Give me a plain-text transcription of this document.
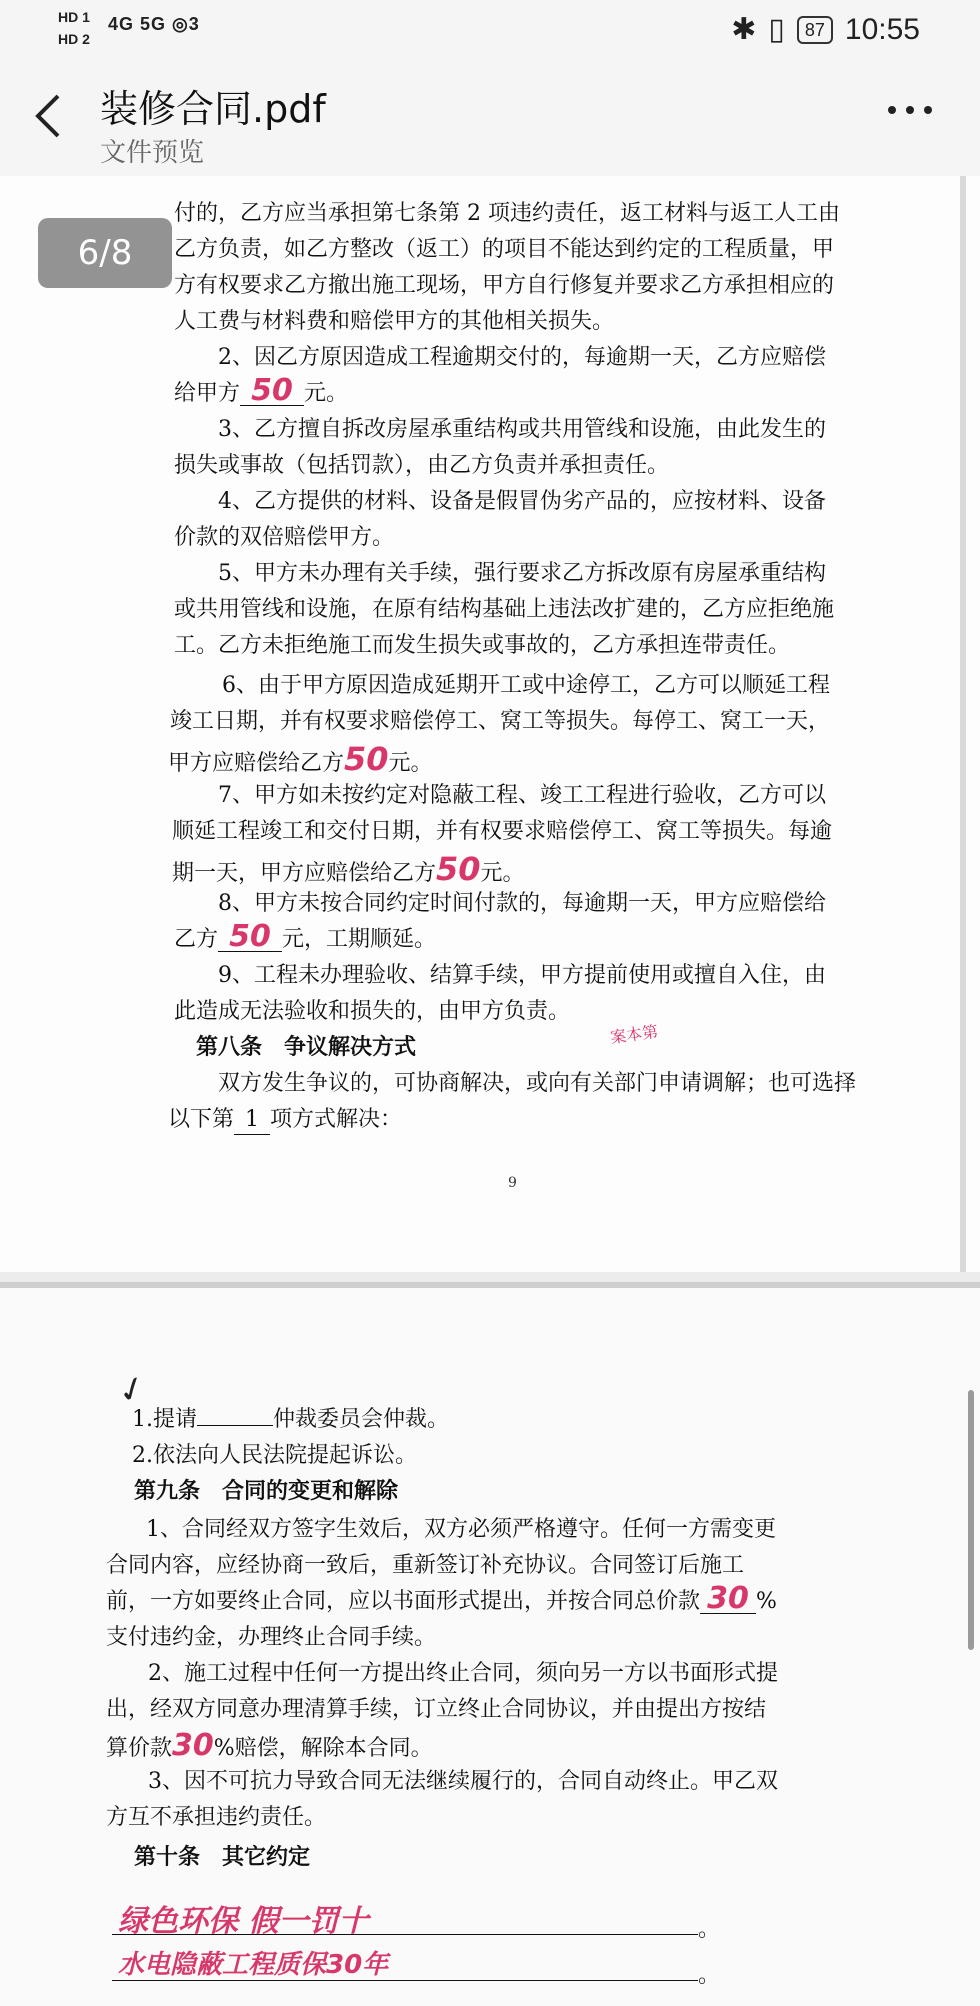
HD 1
HD 2
4G 5G ◎3	✱ ▯	87 10:55
装修合同.pdf
文件预览
6/8
付的，乙方应当承担第七条第 2 项违约责任，返工材料与返工人工由
乙方负责，如乙方整改（返工）的项目不能达到约定的工程质量，甲
方有权要求乙方撤出施工现场，甲方自行修复并要求乙方承担相应的
人工费与材料费和赔偿甲方的其他相关损失。
2、因乙方原因造成工程逾期交付的，每逾期一天，乙方应赔偿
给甲方 50 元。
3、乙方擅自拆改房屋承重结构或共用管线和设施，由此发生的
损失或事故（包括罚款），由乙方负责并承担责任。
4、乙方提供的材料、设备是假冒伪劣产品的，应按材料、设备
价款的双倍赔偿甲方。
5、甲方未办理有关手续，强行要求乙方拆改原有房屋承重结构
或共用管线和设施，在原有结构基础上违法改扩建的，乙方应拒绝施
工。乙方未拒绝施工而发生损失或事故的，乙方承担连带责任。
6、由于甲方原因造成延期开工或中途停工，乙方可以顺延工程
竣工日期，并有权要求赔偿停工、窝工等损失。每停工、窝工一天，
甲方应赔偿给乙方50元。
7、甲方如未按约定对隐蔽工程、竣工工程进行验收，乙方可以
顺延工程竣工和交付日期，并有权要求赔偿停工、窝工等损失。每逾
期一天，甲方应赔偿给乙方50元。
8、甲方未按合同约定时间付款的，每逾期一天，甲方应赔偿给
乙方 50 元，工期顺延。
9、工程未办理验收、结算手续，甲方提前使用或擅自入住，由
此造成无法验收和损失的，由甲方负责。
第八条　争议解决方式	案本第
双方发生争议的，可协商解决，或向有关部门申请调解；也可选择
以下第 1 项方式解决：
9
✓
1.提请	仲裁委员会仲裁。
2.依法向人民法院提起诉讼。
第九条　合同的变更和解除
1、合同经双方签字生效后，双方必须严格遵守。任何一方需变更
合同内容，应经协商一致后，重新签订补充协议。合同签订后施工
前，一方如要终止合同，应以书面形式提出，并按合同总价款 30 %
支付违约金，办理终止合同手续。
2、施工过程中任何一方提出终止合同，须向另一方以书面形式提
出，经双方同意办理清算手续，订立终止合同协议，并由提出方按结
算价款30%赔偿，解除本合同。
3、因不可抗力导致合同无法继续履行的，合同自动终止。甲乙双
方互不承担违约责任。
第十条　其它约定
绿色环保 假一罚十	。
水电隐蔽工程质保30年	。
